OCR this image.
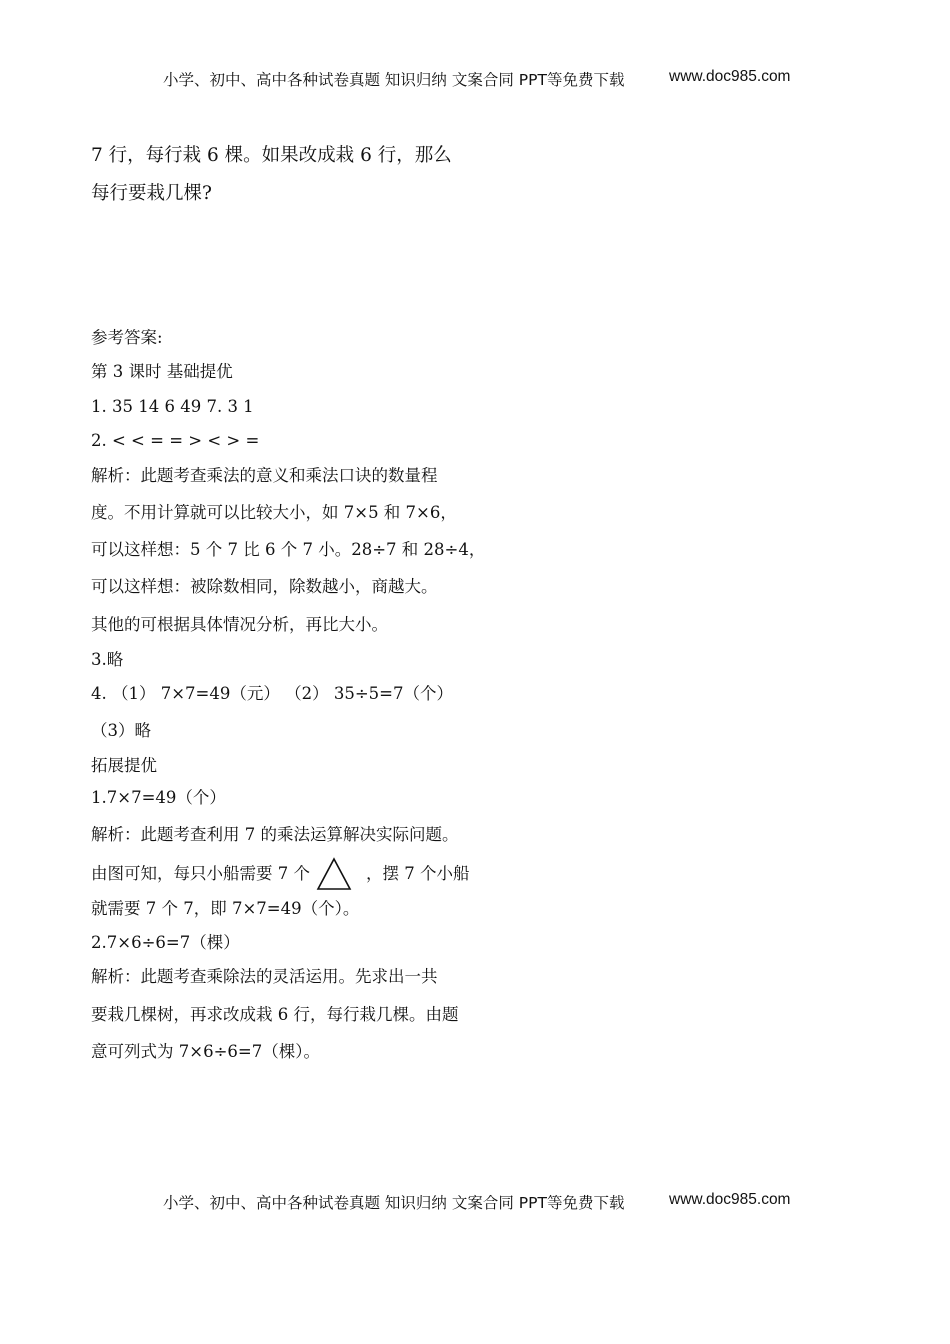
小学、初中、高中各种试卷真题 知识归纳 文案合同 PPT等免费下载	www.doc985.com
7 行，每行栽 6 棵。如果改成栽 6 行，那么
每行要栽几棵?
参考答案:
第 3 课时 基础提优
1. 35 14 6 49 7. 3 1
2. < < = = > < > =
解析：此题考查乘法的意义和乘法口诀的数量程
度。不用计算就可以比较大小，如 7×5 和 7×6，
可以这样想：5 个 7 比 6 个 7 小。28÷7 和 28÷4，
可以这样想：被除数相同，除数越小，商越大。
其他的可根据具体情况分析，再比大小。
3.略
4. （1） 7×7=49（元） （2） 35÷5=7（个）
（3）略
拓展提优
1.7×7=49（个）
解析：此题考查利用 7 的乘法运算解决实际问题。
由图可知，每只小船需要 7 个	，摆 7 个小船
就需要 7 个 7，即 7×7=49（个）。
2.7×6÷6=7（棵）
解析：此题考查乘除法的灵活运用。先求出一共
要栽几棵树，再求改成栽 6 行，每行栽几棵。由题
意可列式为 7×6÷6=7（棵）。
小学、初中、高中各种试卷真题 知识归纳 文案合同 PPT等免费下载	www.doc985.com
